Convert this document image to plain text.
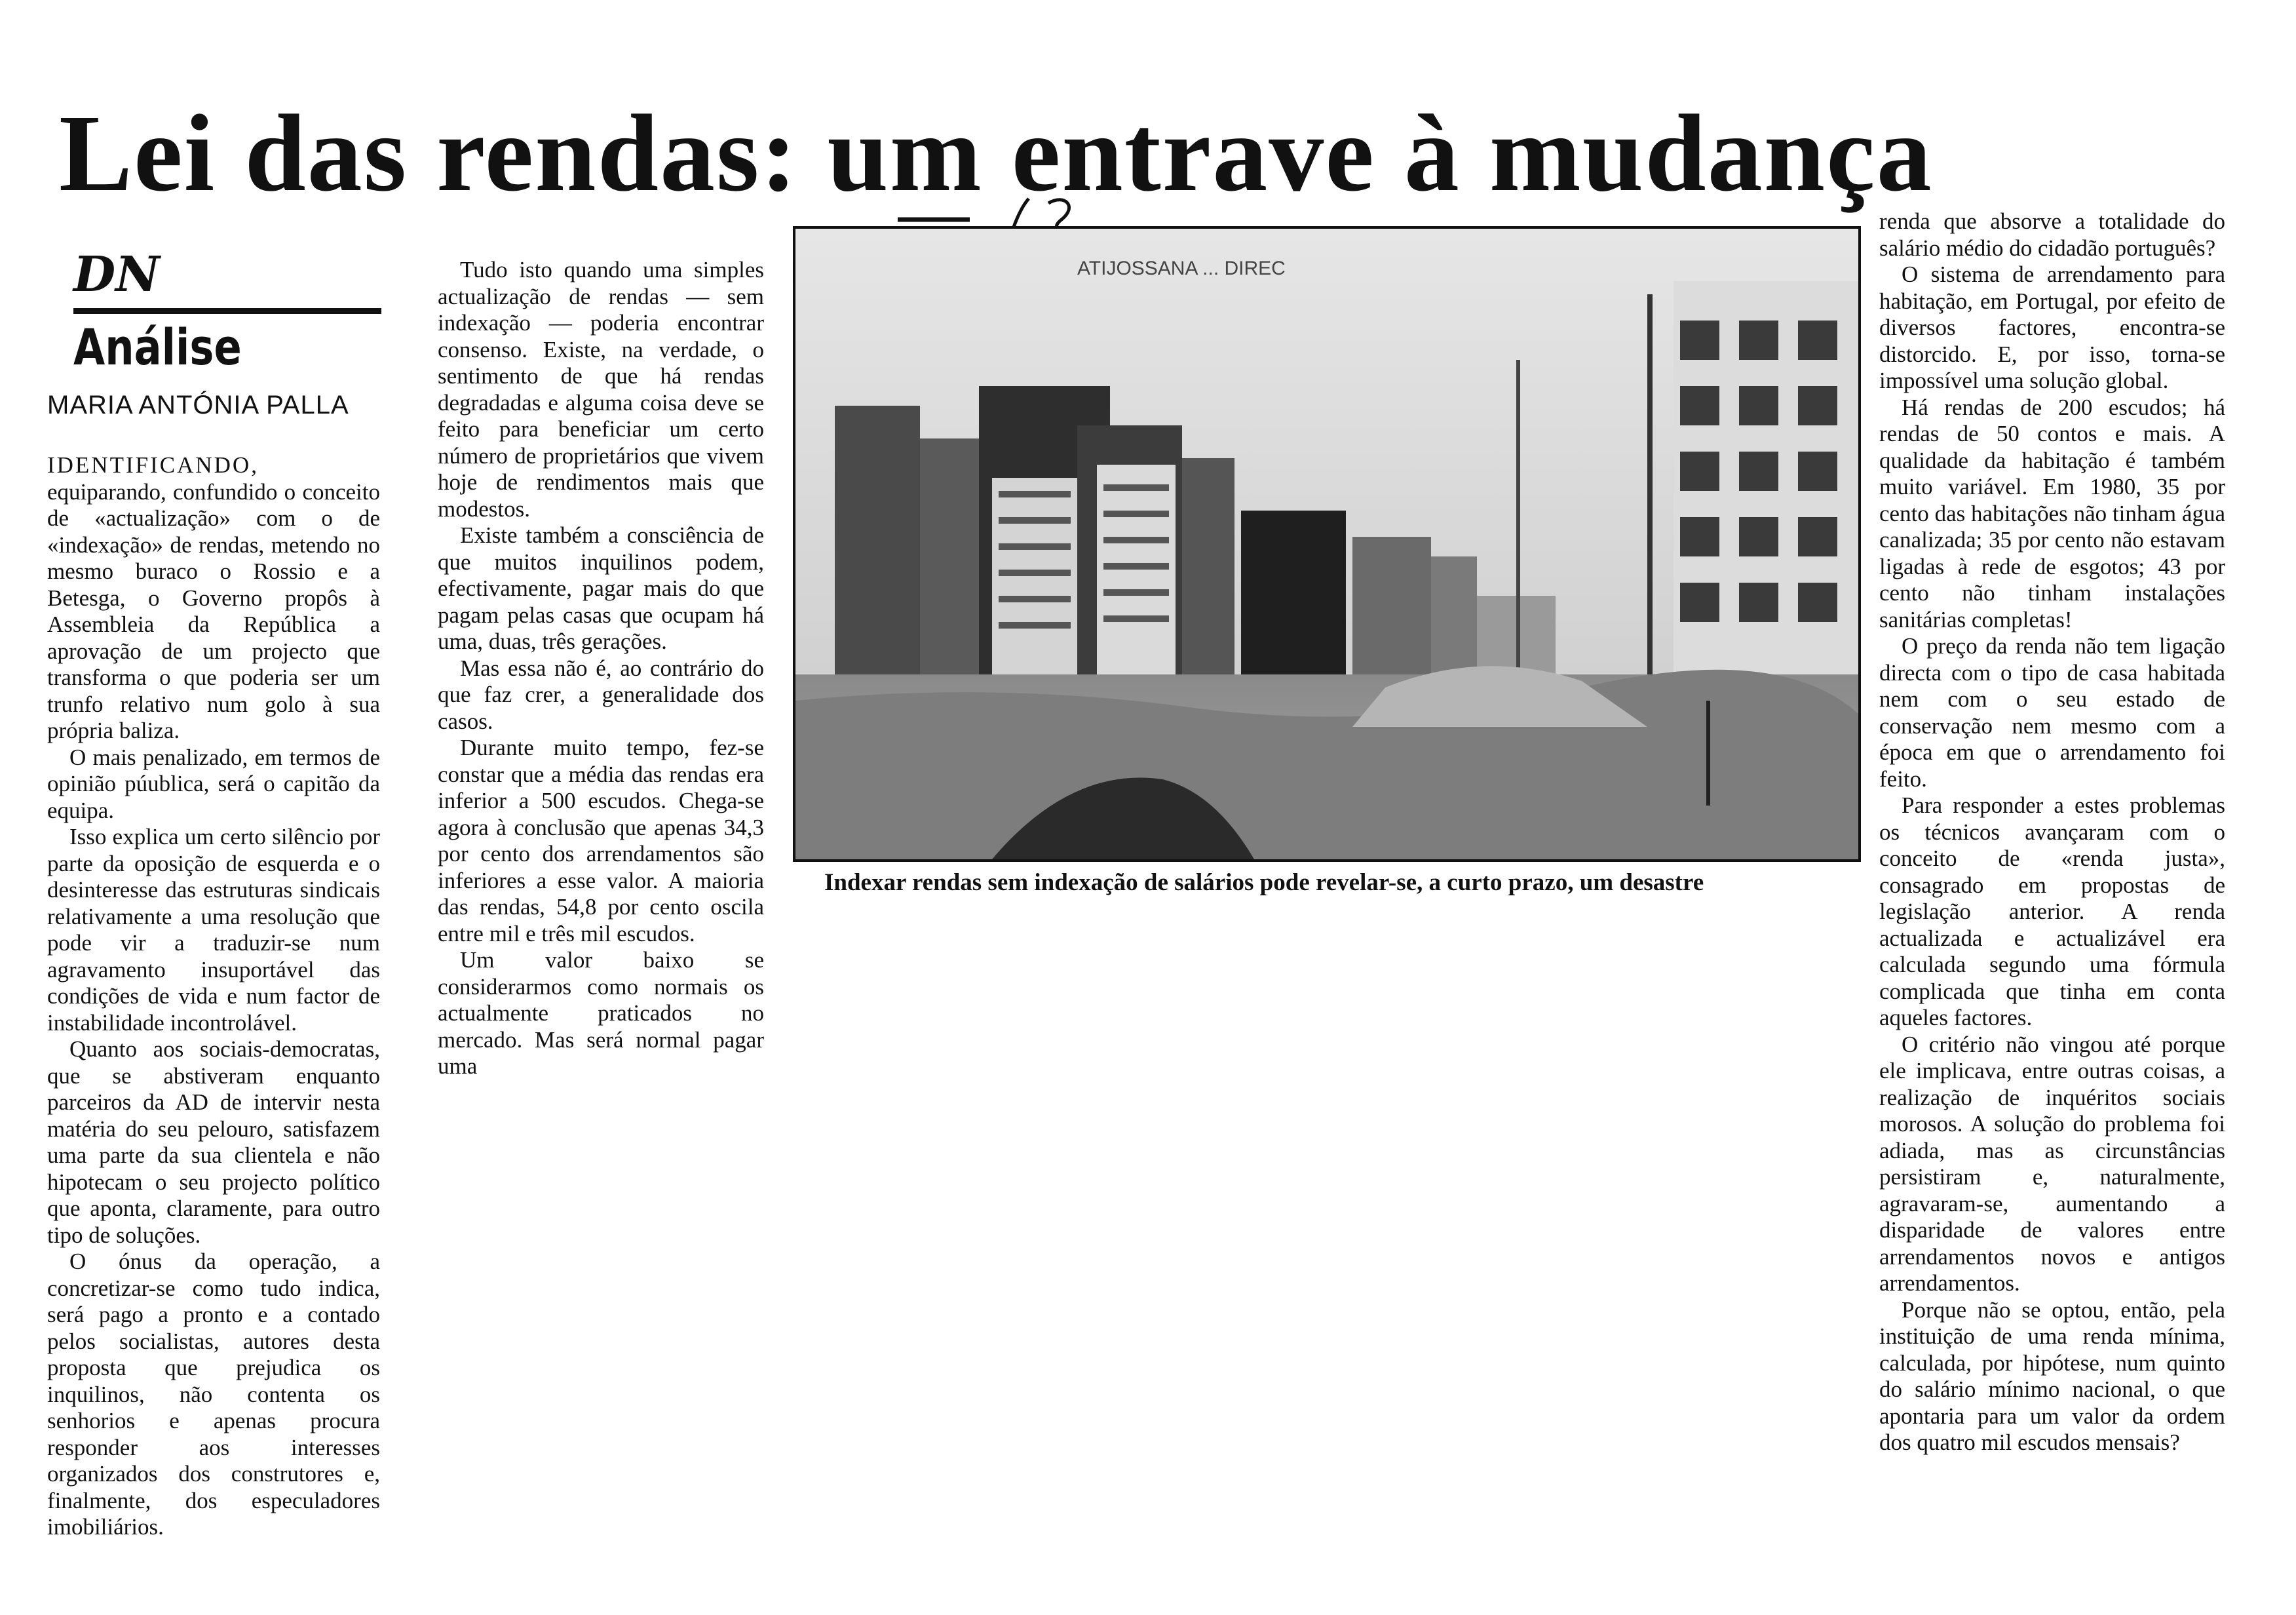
Lei das rendas: um entrave à mudança
DN
Análise
MARIA ANTÓNIA PALLA

IDENTIFICANDO, equiparando, confundido o conceito de «actualização» com o de «indexação» de rendas, metendo no mesmo buraco o Rossio e a Betesga, o Governo propôs à Assembleia da República a aprovação de um projecto que transforma o que poderia ser um trunfo relativo num golo à sua própria baliza.

O mais penalizado, em termos de opinião púublica, será o capitão da equipa.

Isso explica um certo silêncio por parte da oposição de esquerda e o desinteresse das estruturas sindicais relativamente a uma resolução que pode vir a traduzir-se num agravamento insuportável das condições de vida e num factor de instabilidade incontrolável.

Quanto aos sociais-democratas, que se abstiveram enquanto parceiros da AD de intervir nesta matéria do seu pelouro, satisfazem uma parte da sua clientela e não hipotecam o seu projecto político que aponta, claramente, para outro tipo de soluções.

O ónus da operação, a concretizar-se como tudo indica, será pago a pronto e a contado pelos socialistas, autores desta proposta que prejudica os inquilinos, não contenta os senhorios e apenas procura responder aos interesses organizados dos construtores e, finalmente, dos especuladores imobiliários.

Tudo isto quando uma simples actualização de rendas — sem indexação — poderia encontrar consenso. Existe, na verdade, o sentimento de que há rendas degradadas e alguma coisa deve se feito para beneficiar um certo número de proprietários que vivem hoje de rendimentos mais que modestos.

Existe também a consciência de que muitos inquilinos podem, efectivamente, pagar mais do que pagam pelas casas que ocupam há uma, duas, três gerações.

Mas essa não é, ao contrário do que faz crer, a generalidade dos casos.

Durante muito tempo, fez-se constar que a média das rendas era inferior a 500 escudos. Chega-se agora à conclusão que apenas 34,3 por cento dos arrendamentos são inferiores a esse valor. A maioria das rendas, 54,8 por cento oscila entre mil e três mil escudos.

Um valor baixo se considerarmos como normais os actualmente praticados no mercado. Mas será normal pagar uma

ATIJOSSANA ... DIREC
Indexar rendas sem indexação de salários pode revelar-se, a curto prazo, um desastre

renda que absorve a totalidade do salário médio do cidadão português?

O sistema de arrendamento para habitação, em Portugal, por efeito de diversos factores, encontra-se distorcido. E, por isso, torna-se impossível uma solução global.

Há rendas de 200 escudos; há rendas de 50 contos e mais. A qualidade da habitação é também muito variável. Em 1980, 35 por cento das habitações não tinham água canalizada; 35 por cento não estavam ligadas à rede de esgotos; 43 por cento não tinham instalações sanitárias completas!

O preço da renda não tem ligação directa com o tipo de casa habitada nem com o seu estado de conservação nem mesmo com a época em que o arrendamento foi feito.

Para responder a estes problemas os técnicos avançaram com o conceito de «renda justa», consagrado em propostas de legislação anterior. A renda actualizada e actualizável era calculada segundo uma fórmula complicada que tinha em conta aqueles factores.

O critério não vingou até porque ele implicava, entre outras coisas, a realização de inquéritos sociais morosos. A solução do problema foi adiada, mas as circunstâncias persistiram e, naturalmente, agravaram-se, aumentando a disparidade de valores entre arrendamentos novos e antigos arrendamentos.

Porque não se optou, então, pela instituição de uma renda mínima, calculada, por hipótese, num quinto do salário mínimo nacional, o que apontaria para um valor da ordem dos quatro mil escudos mensais?
